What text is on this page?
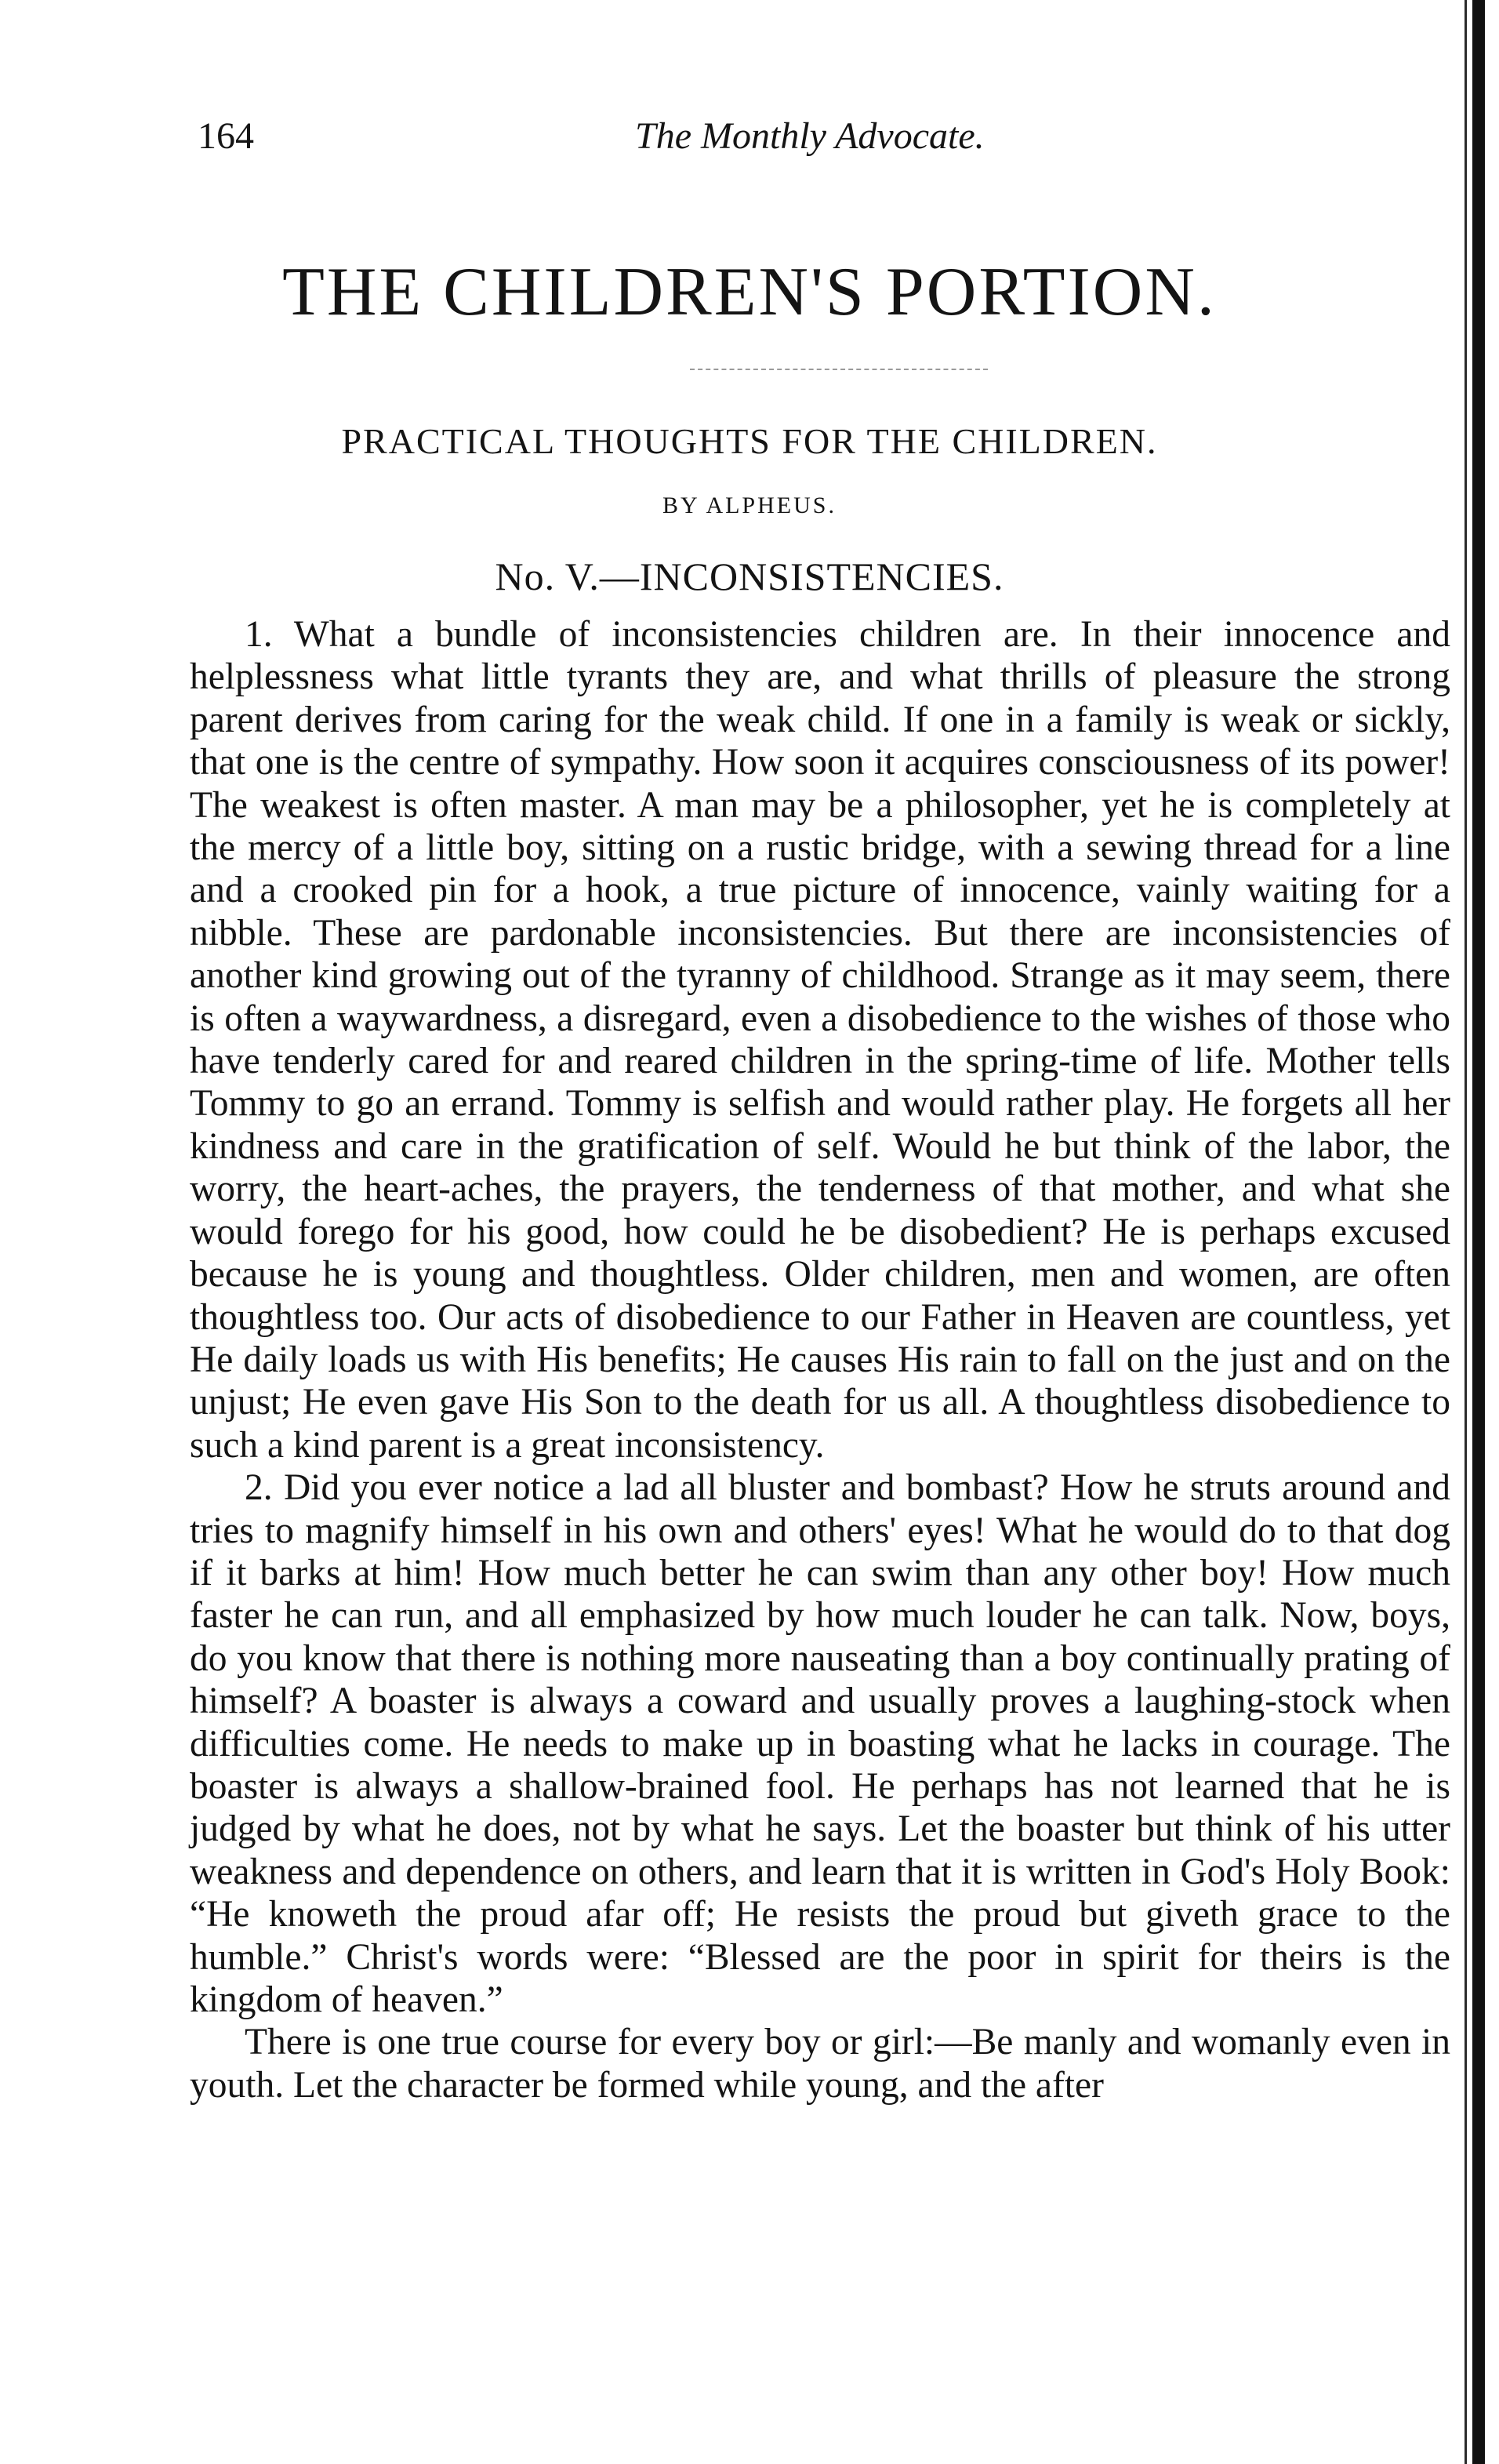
164	The Monthly Advocate.
THE CHILDREN'S PORTION.
PRACTICAL THOUGHTS FOR THE CHILDREN.
BY ALPHEUS.
No. V.—INCONSISTENCIES.

1. What a bundle of inconsistencies children are. In their innocence and helplessness what little tyrants they are, and what thrills of pleasure the strong parent derives from caring for the weak child. If one in a family is weak or sickly, that one is the centre of sympathy. How soon it acquires consciousness of its power! The weakest is often master. A man may be a philosopher, yet he is completely at the mercy of a little boy, sitting on a rustic bridge, with a sewing thread for a line and a crooked pin for a hook, a true picture of innocence, vainly waiting for a nibble. These are pardonable inconsistencies. But there are inconsistencies of another kind growing out of the tyranny of childhood. Strange as it may seem, there is often a waywardness, a disregard, even a disobedience to the wishes of those who have tenderly cared for and reared children in the spring-time of life. Mother tells Tommy to go an errand. Tommy is selfish and would rather play. He forgets all her kindness and care in the gratification of self. Would he but think of the labor, the worry, the heart-aches, the prayers, the tenderness of that mother, and what she would forego for his good, how could he be disobedient? He is perhaps excused because he is young and thoughtless. Older children, men and women, are often thoughtless too. Our acts of disobedience to our Father in Heaven are countless, yet He daily loads us with His benefits; He causes His rain to fall on the just and on the unjust; He even gave His Son to the death for us all. A thoughtless disobedience to such a kind parent is a great inconsistency.

2. Did you ever notice a lad all bluster and bombast? How he struts around and tries to magnify himself in his own and others' eyes! What he would do to that dog if it barks at him! How much better he can swim than any other boy! How much faster he can run, and all emphasized by how much louder he can talk. Now, boys, do you know that there is nothing more nauseating than a boy continually prating of himself? A boaster is always a coward and usually proves a laughing-stock when difficulties come. He needs to make up in boasting what he lacks in courage. The boaster is always a shallow-brained fool. He perhaps has not learned that he is judged by what he does, not by what he says. Let the boaster but think of his utter weakness and dependence on others, and learn that it is written in God's Holy Book: “He knoweth the proud afar off; He resists the proud but giveth grace to the humble.” Christ's words were: “Blessed are the poor in spirit for theirs is the kingdom of heaven.”

There is one true course for every boy or girl:—Be manly and womanly even in youth. Let the character be formed while young, and the after
